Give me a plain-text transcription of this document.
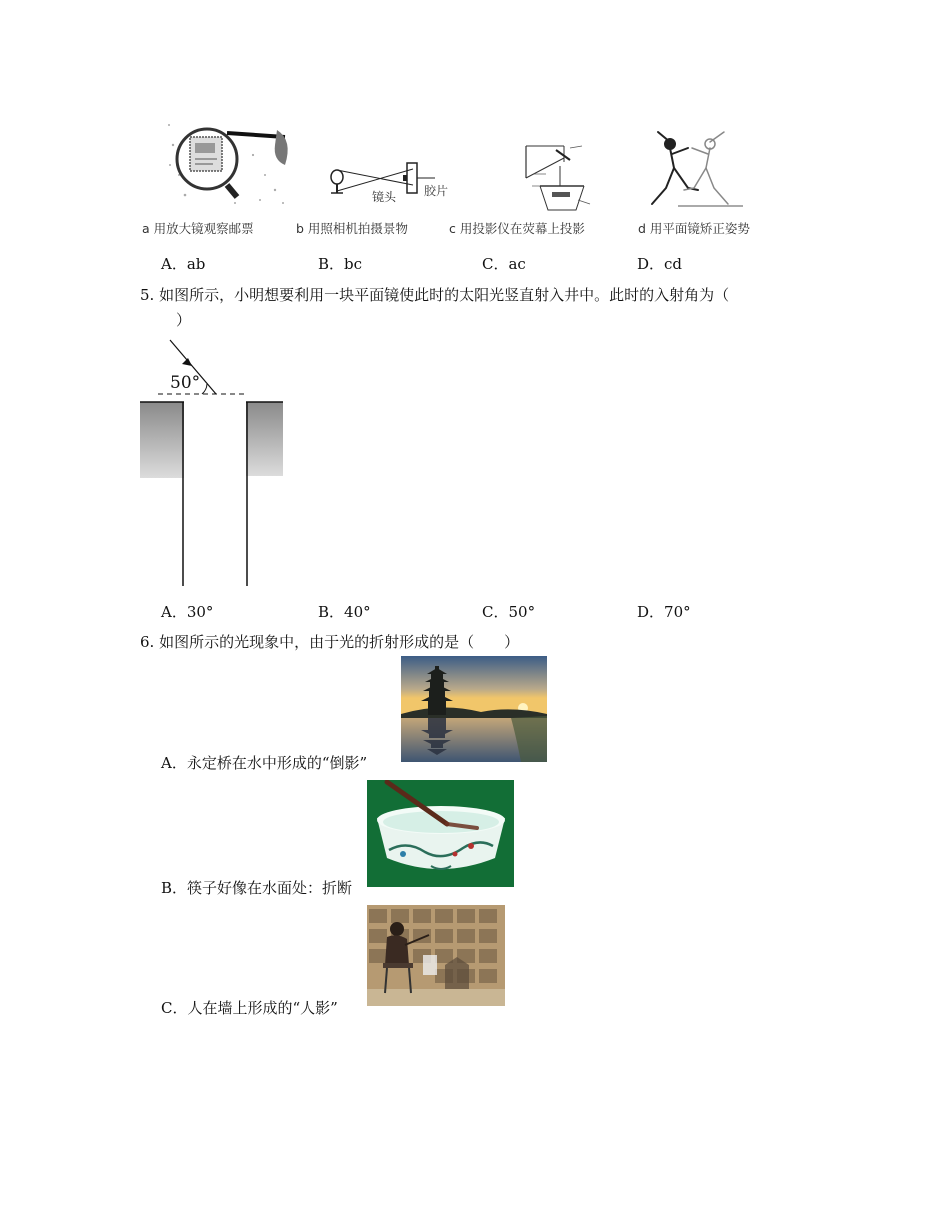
a 用放大镜观察邮票
镜头 胶片
b 用照相机拍摄景物	c 用投影仪在荧幕上投影	d 用平面镜矫正姿势
A．ab	B．bc	C．ac	D．cd
5. 如图所示，小明想要利用一块平面镜使此时的太阳光竖直射入井中。此时的入射角为（
）
50°
A．30°	B．40°	C．50°	D．70°
6. 如图所示的光现象中，由于光的折射形成的是（　　）
A．永定桥在水中形成的“倒影”
B．筷子好像在水面处：折断
C．人在墙上形成的“人影”
